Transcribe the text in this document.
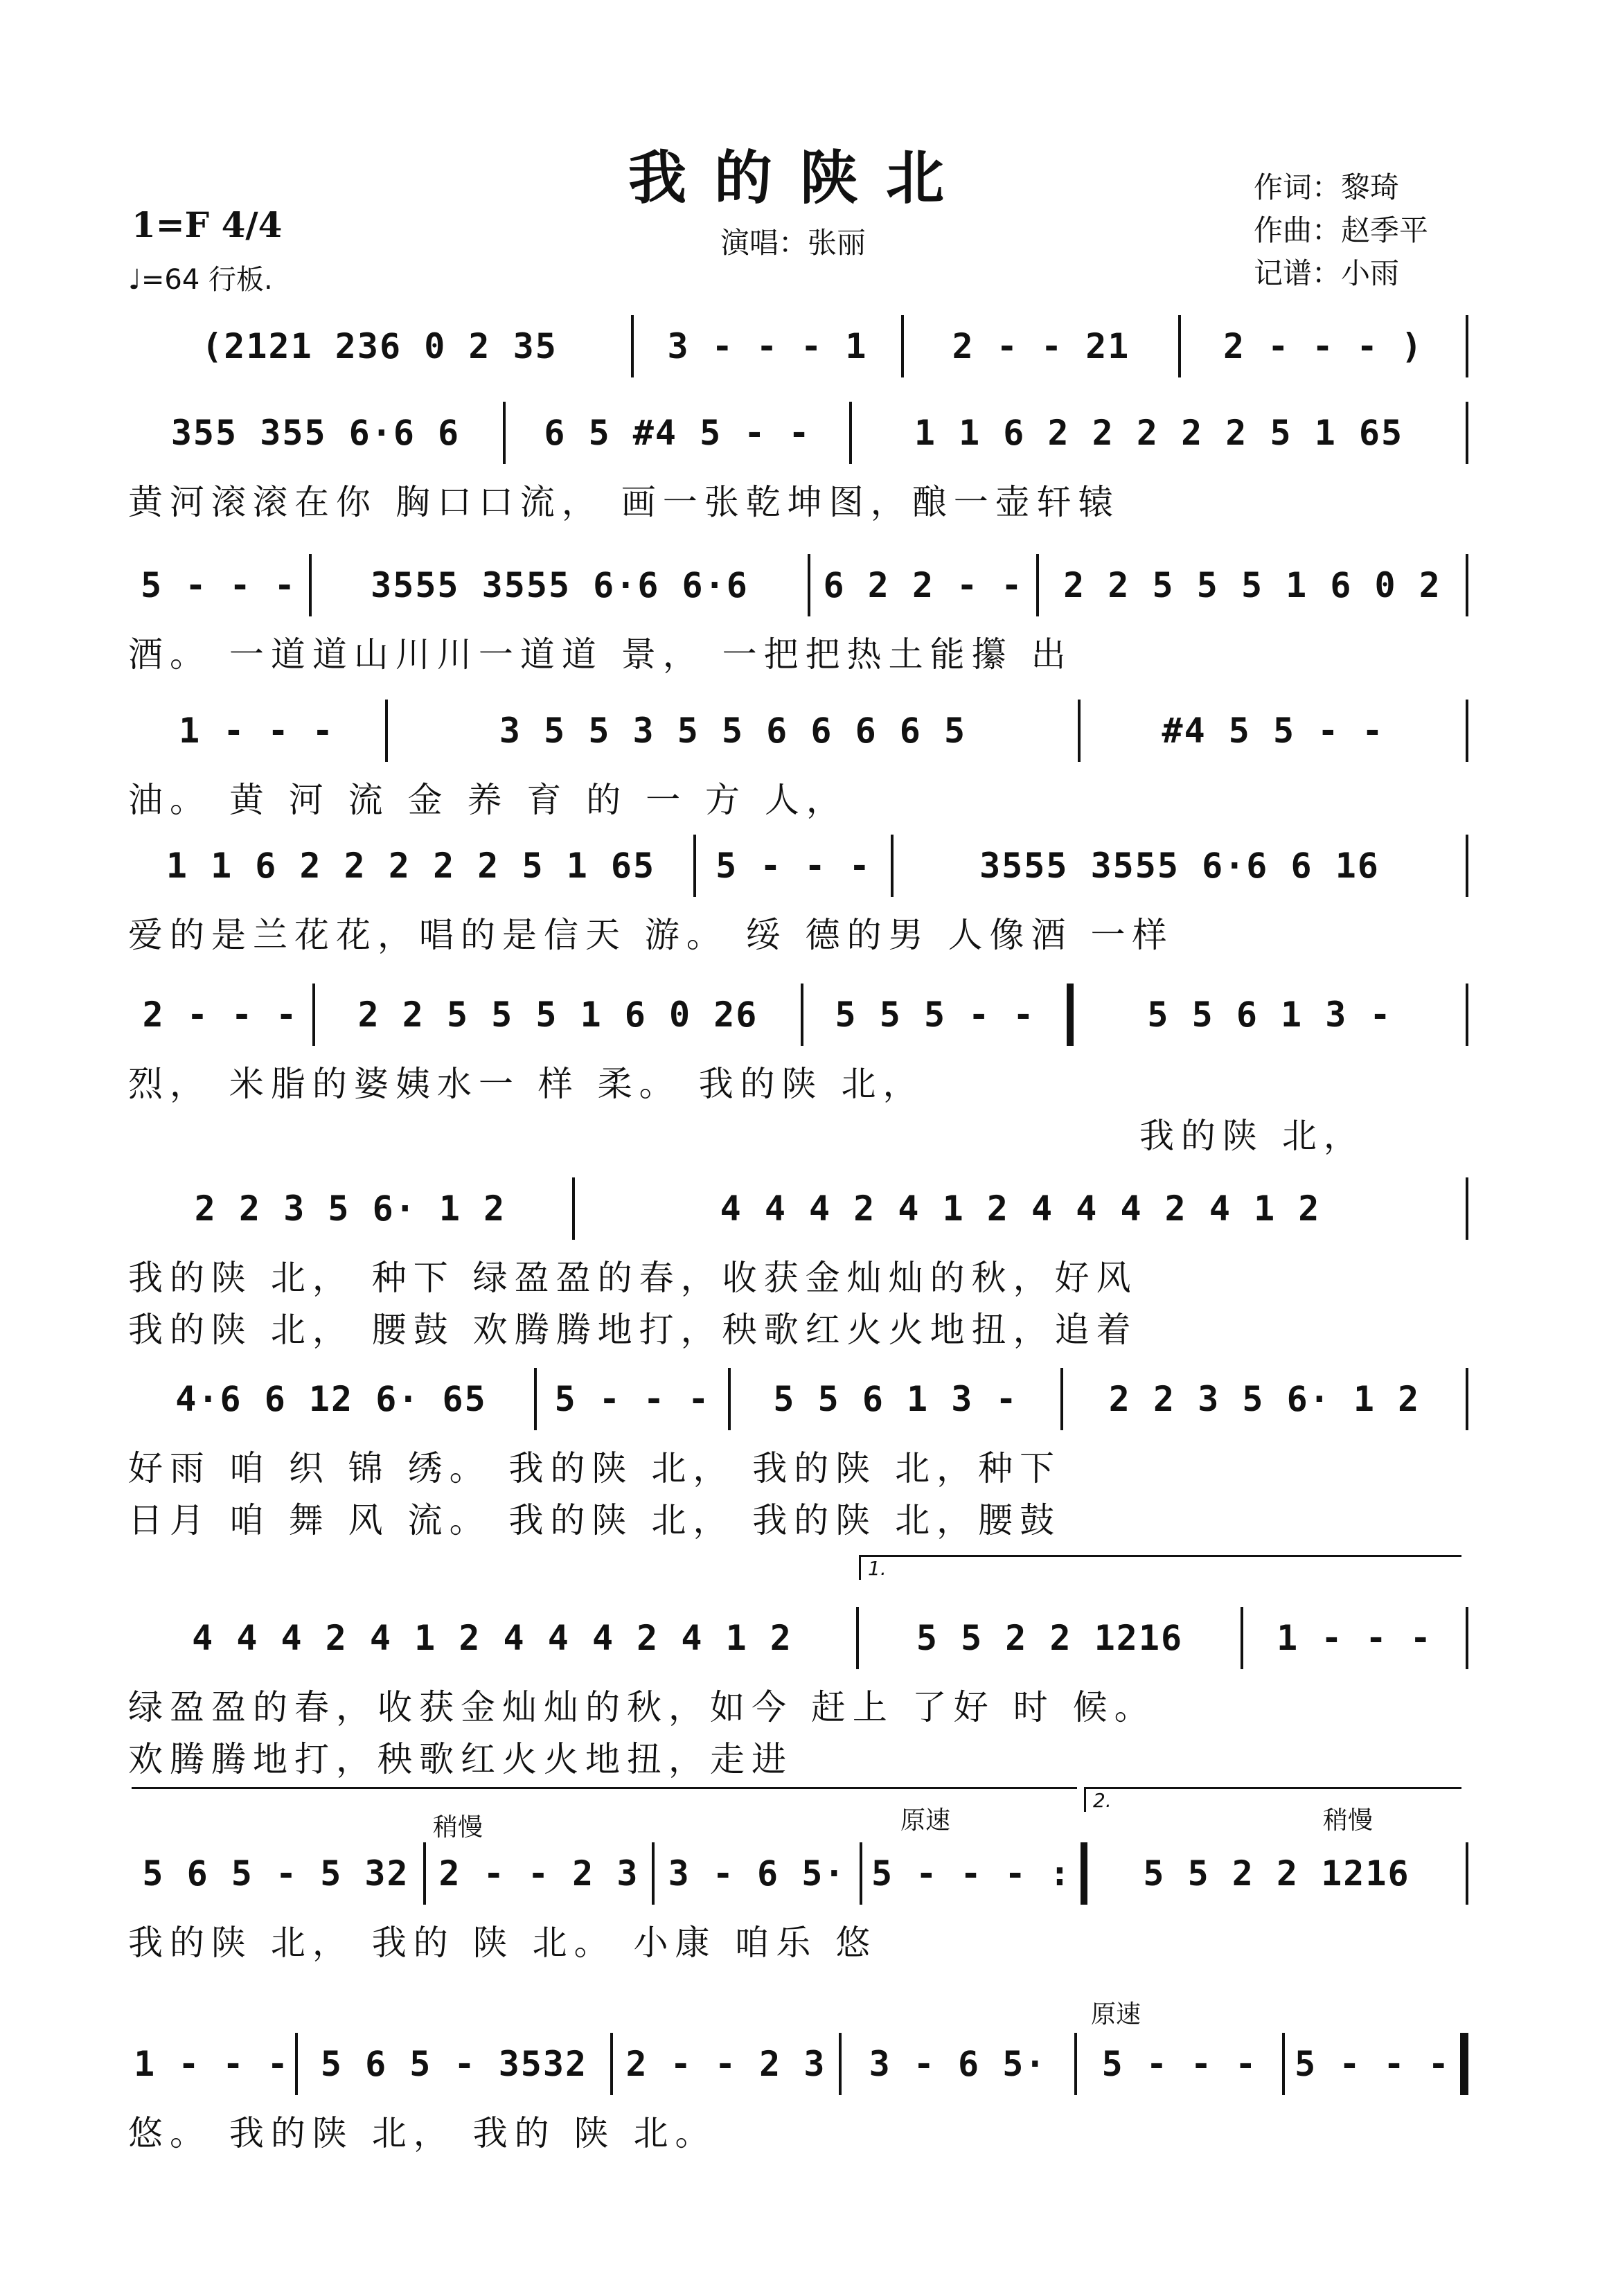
我的陕北	作词：黎琦
作曲：赵季平
记谱：小雨
1=F 4/4
♩=64 行板.
演唱：张丽
(2121 236 0 2 35	3 - - - 1	2 - - 21	2 - - - )
355 355 6·6 6	6 5 #4 5 - -	1 1 6 2 2 2 2 2 5 1 65
黄河滚滚在你 胸口口流， 画一张乾坤图，酿一壶轩辕
5 - - -	3555 3555 6·6 6·6	6 2 2 - -	2 2 5 5 5 1 6 0 2
酒。 一道道山川川一道道 景， 一把把热土能攥 出
1 - - -	3 5 5 3 5 5 6 6 6 6 5	#4 5 5 - -
油。 黄 河 流 金 养 育 的 一 方 人，
1 1 6 2 2 2 2 2 5 1 65	5 - - -	3555 3555 6·6 6 16
爱的是兰花花，唱的是信天 游。 绥 德的男 人像酒 一样
2 - - -	2 2 5 5 5 1 6 0 26	5 5 5 - -	5 5 6 1 3 -
烈， 米脂的婆姨水一 样 柔。 我的陕 北，
我的陕 北，
2 2 3 5 6· 1 2	4 4 4 2 4 1 2 4 4 4 2 4 1 2
我的陕 北， 种下 绿盈盈的春，收获金灿灿的秋，好风
我的陕 北， 腰鼓 欢腾腾地打，秧歌红火火地扭，追着
4·6 6 12 6· 65	5 - - -	5 5 6 1 3 -	2 2 3 5 6· 1 2
好雨 咱 织 锦 绣。 我的陕 北， 我的陕 北，种下
日月 咱 舞 风 流。 我的陕 北， 我的陕 北，腰鼓
1.
4 4 4 2 4 1 2 4 4 4 2 4 1 2	5 5 2 2 1216	1 - - -
绿盈盈的春，收获金灿灿的秋，如今 赶上 了好 时 候。
欢腾腾地打，秧歌红火火地扭，走进
2.
稍慢	原速	稍慢
5 6 5 - 5 32 2 - - 2 3 3 - 6 5· 5 - - - :	5 5 2 2 1216
我的陕 北， 我的 陕 北。 小康 咱乐 悠
原速
1 - - - 5 6 5 - 3532	2 - - 2 3	3 - 6 5·	5 - - -	5 - - -
悠。 我的陕 北， 我的 陕 北。
